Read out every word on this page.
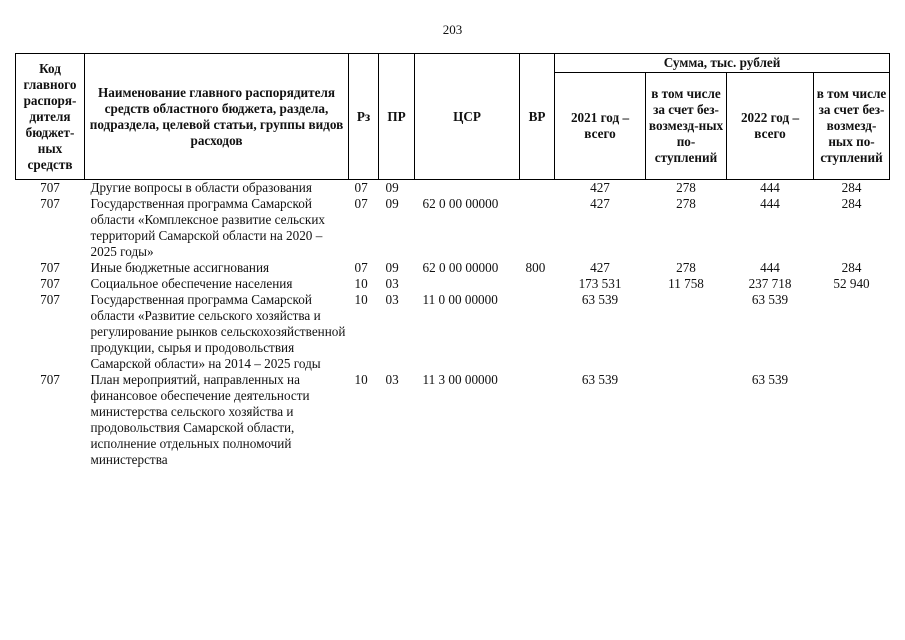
203
Код главного распоря-дителя бюджет-ных средств	Наименование главного распорядителя средств областного бюджета, раздела, подраздела, целевой статьи, группы видов расходов	Рз	ПР	ЦСР	ВР	Сумма, тыс. рублей			
						2021 год – всего	в том числе за счет без-возмезд-ных по-ступлений	2022 год – всего	в том числе за счет без-возмезд-ных по-ступлений
707	Другие вопросы в области образования	07	09			427	278	444	284
707	Государственная программа Самарской области «Комплексное развитие сельских территорий Самарской области на 2020 – 2025 годы»	07	09	62 0 00 00000		427	278	444	284
707	Иные бюджетные ассигнования	07	09	62 0 00 00000	800	427	278	444	284
707	Социальное обеспечение населения	10	03			173 531	11 758	237 718	52 940
707	Государственная программа Самарской области «Развитие сельского хозяйства и регулирование рынков сельскохозяйственной продукции, сырья и продовольствия Самарской области» на 2014 – 2025 годы	10	03	11 0 00 00000		63 539		63 539	
707	План мероприятий, направленных на финансовое обеспечение деятельности министерства сельского хозяйства и продовольствия Самарской области, исполнение отдельных полномочий министерства	10	03	11 3 00 00000		63 539		63 539	
